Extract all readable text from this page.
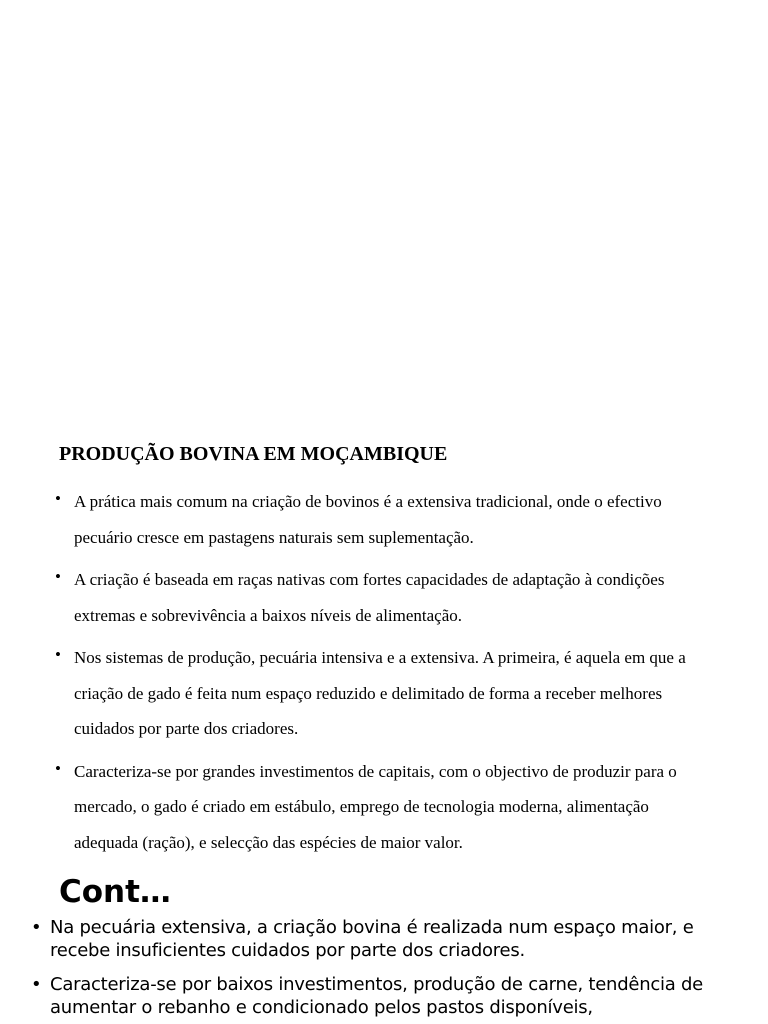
PRODUÇÃO BOVINA EM MOÇAMBIQUE
• A prática mais comum na criação de bovinos é a extensiva tradicional, onde o efectivo pecuário cresce em pastagens naturais sem suplementação.
• A criação é baseada em raças nativas com fortes capacidades de adaptação à condições extremas e sobrevivência a baixos níveis de alimentação.
• Nos sistemas de produção, pecuária intensiva e a extensiva. A primeira, é aquela em que a criação de gado é feita num espaço reduzido e delimitado de forma a receber melhores cuidados por parte dos criadores.
• Caracteriza-se por grandes investimentos de capitais, com o objectivo de produzir para o mercado, o gado é criado em estábulo, emprego de tecnologia moderna, alimentação adequada (ração), e selecção das espécies de maior valor.
Cont…
• Na pecuária extensiva, a criação bovina é realizada num espaço maior, e recebe insuficientes cuidados por parte dos criadores.
• Caracteriza-se por baixos investimentos, produção de carne, tendência de aumentar o rebanho e condicionado pelos pastos disponíveis,
